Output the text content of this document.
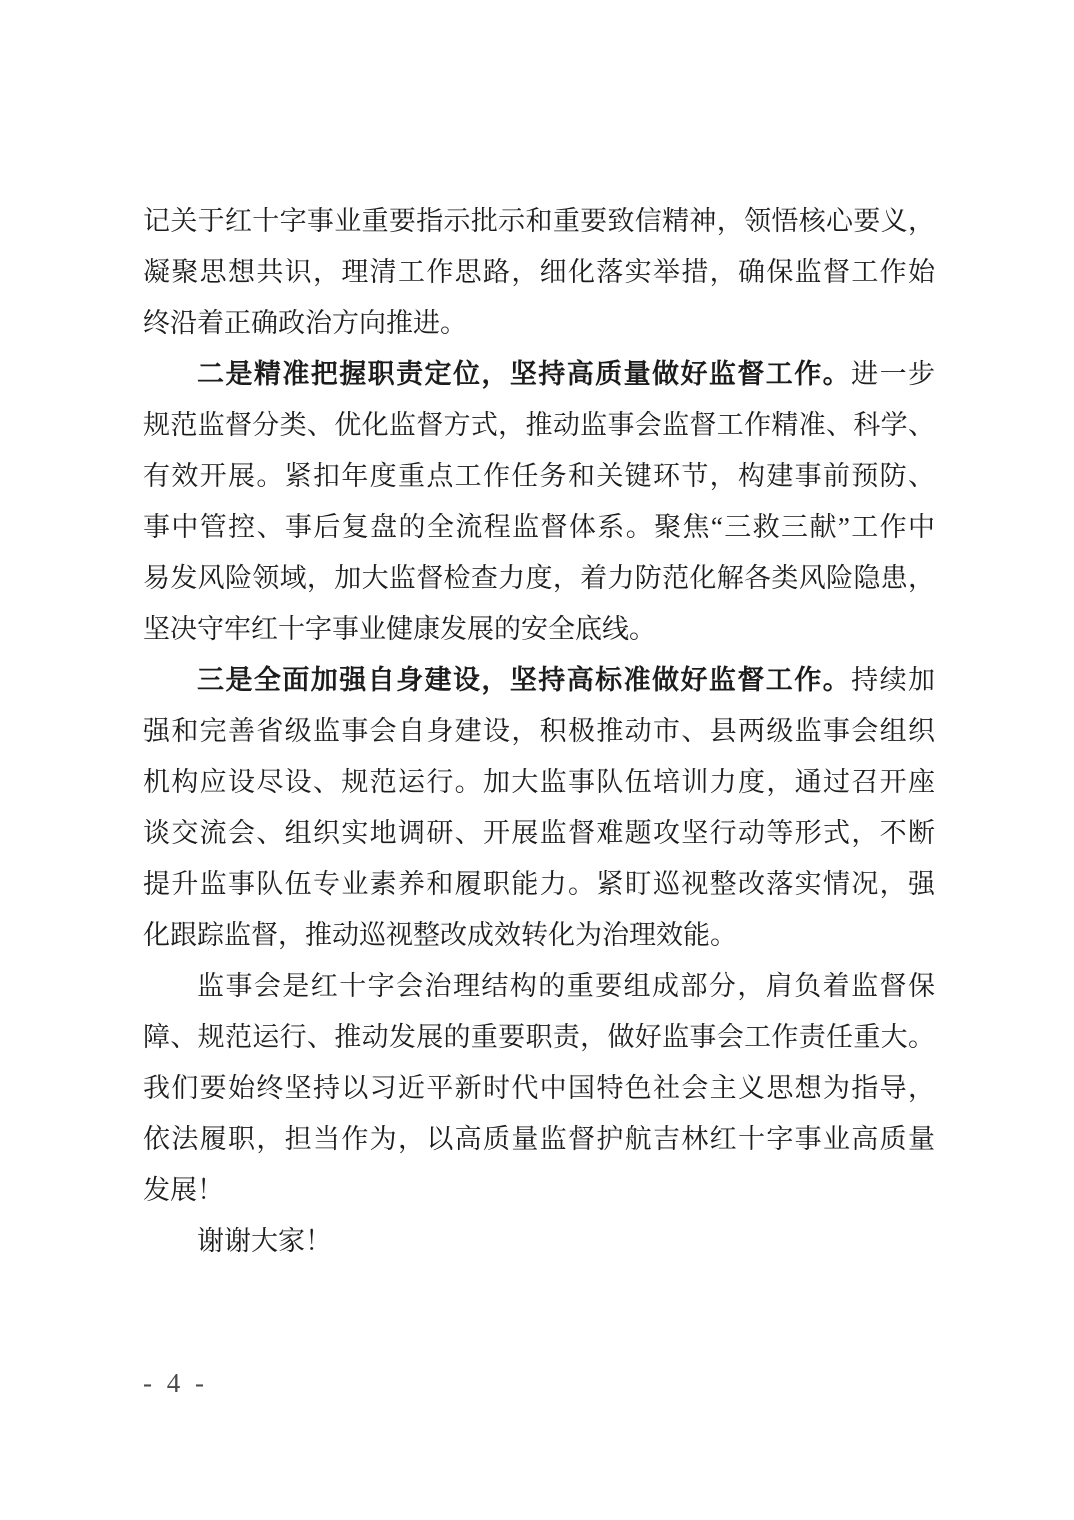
记关于红十字事业重要指示批示和重要致信精神，领悟核心要义，
凝聚思想共识，理清工作思路，细化落实举措，确保监督工作始
终沿着正确政治方向推进。
二是精准把握职责定位，坚持高质量做好监督工作。进一步
规范监督分类、优化监督方式，推动监事会监督工作精准、科学、
有效开展。紧扣年度重点工作任务和关键环节，构建事前预防、
事中管控、事后复盘的全流程监督体系。聚焦“三救三献”工作中
易发风险领域，加大监督检查力度，着力防范化解各类风险隐患，
坚决守牢红十字事业健康发展的安全底线。
三是全面加强自身建设，坚持高标准做好监督工作。持续加
强和完善省级监事会自身建设，积极推动市、县两级监事会组织
机构应设尽设、规范运行。加大监事队伍培训力度，通过召开座
谈交流会、组织实地调研、开展监督难题攻坚行动等形式，不断
提升监事队伍专业素养和履职能力。紧盯巡视整改落实情况，强
化跟踪监督，推动巡视整改成效转化为治理效能。
监事会是红十字会治理结构的重要组成部分，肩负着监督保
障、规范运行、推动发展的重要职责，做好监事会工作责任重大。
我们要始终坚持以习近平新时代中国特色社会主义思想为指导，
依法履职，担当作为，以高质量监督护航吉林红十字事业高质量
发展！
谢谢大家！
- 4 -
